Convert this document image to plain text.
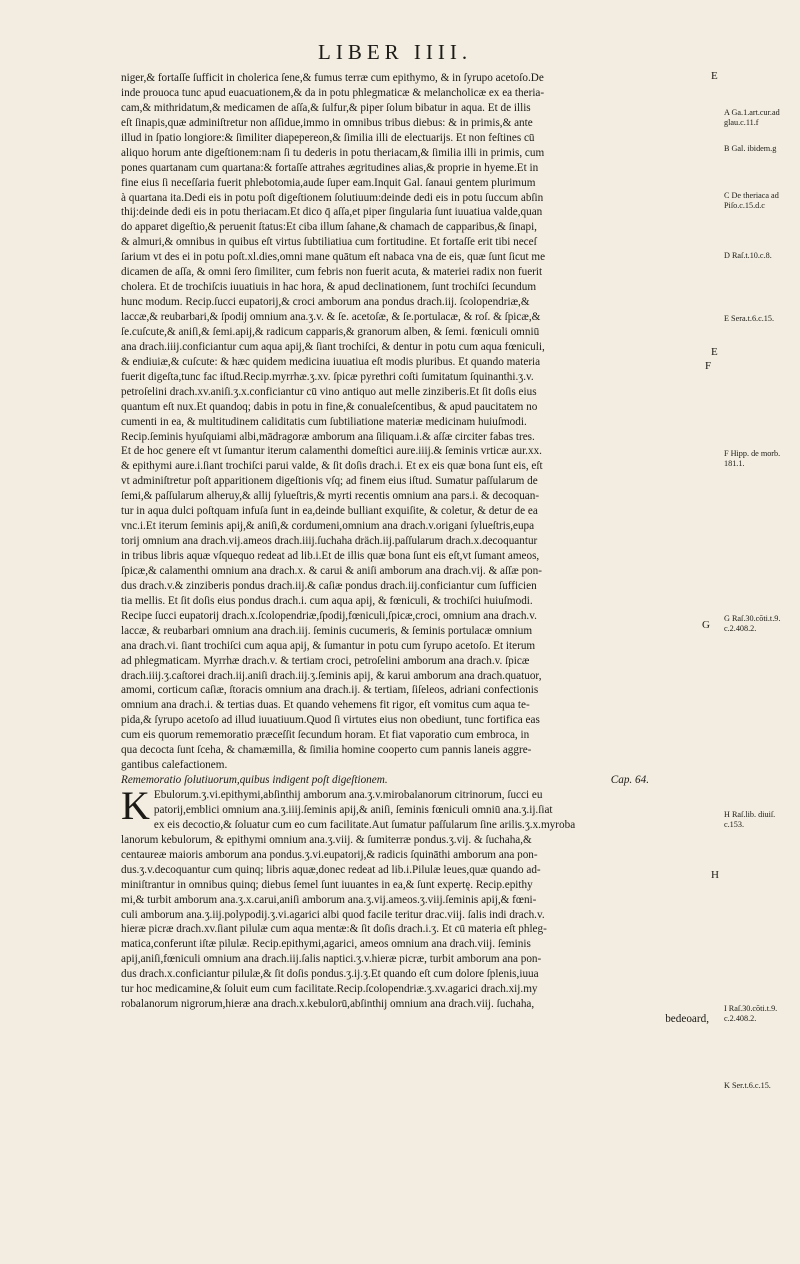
LIBER IIII.
niger,& fortaſſe ſufficit in cholerica ſene,& fumus terræ cum epithymo, & in ſyrupo acetoſo.De
inde prouoca tunc apud euacuationem,& da in potu phlegmaticæ & melancholicæ ex ea theria-
cam,& mithridatum,& medicamen de aſſa,& ſulfur,& piper ſolum bibatur in aqua. Et de illis
eſt ſinapis,quæ adminiſtretur non aſſidue,immo in omnibus tribus diebus: & in primis,& ante
illud in ſpatio longiore:& ſimiliter diapepereon,& ſimilia illi de electuarijs. Et non feſtines cū
aliquo horum ante digeſtionem:nam ſi tu dederis in potu theriacam,& ſimilia illi in primis, cum
pones quartanam cum quartana:& fortaſſe attrahes ægritudines alias,& proprie in hyeme.Et in
fine eius ſi neceſſaria fuerit phlebotomia,aude ſuper eam.Inquit Gal. ſanaui gentem plurimum
à quartana ita.Dedi eis in potu poſt digeſtionem ſolutiuum:deinde dedi eis in potu ſuccum abſin
thij:deinde dedi eis in potu theriacam.Et dico q̄ aſſa,et piper ſingularia ſunt iuuatiua valde,quan
do apparet digeſtio,& peruenit ſtatus:Et ciba illum ſahane,& chamach de capparibus,& ſinapi,
& almuri,& omnibus in quibus eſt virtus ſubtiliatiua cum fortitudine. Et fortaſſe erit tibi neceſ
ſarium vt des ei in potu poſt.xl.dies,omni mane quātum eſt nabaca vna de eis, quæ ſunt ſicut me
dicamen de aſſa, & omni ſero ſimiliter, cum febris non fuerit acuta, & materiei radix non fuerit
cholera. Et de trochiſcis iuuatiuis in hac hora, & apud declinationem, ſunt trochiſci ſecundum
hunc modum. Recip.ſucci eupatorij,& croci amborum ana pondus drach.iij. ſcolopendriæ,&
laccæ,& reubarbari,& ſpodij omnium ana.ʒ.v. & ſe. acetoſæ, & ſe.portulacæ, & roſ. & ſpicæ,&
ſe.cuſcute,& aniſi,& ſemi.apij,& radicum capparis,& granorum alben, & ſemi. fœniculi omniū
ana drach.iiij.conficiantur cum aqua apij,& ſiant trochiſci, & dentur in potu cum aqua fœniculi,
& endiuiæ,& cuſcute: & hæc quidem medicina iuuatiua eſt modis pluribus. Et quando materia
fuerit digeſta,tunc fac iſtud.Recip.myrrhæ.ʒ.xv. ſpicæ pyrethri coſti ſumitatum ſquinanthi.ʒ.v.
petroſelini drach.xv.aniſi.ʒ.x.conficiantur cū vino antiquo aut melle zinziberis.Et ſit doſis eius
quantum eſt nux.Et quandoq; dabis in potu in fine,& conualeſcentibus, & apud paucitatem no
cumenti in ea, & multitudinem caliditatis cum ſubtiliatione materiæ medicinam huiuſmodi.
Recip.ſeminis hyuſquiami albi,mādragoræ amborum ana ſiliquam.i.& aſſæ circiter fabas tres.
Et de hoc genere eſt vt ſumantur iterum calamenthi domeſtici aure.iiij.& ſeminis vrticæ aur.xx.
& epithymi aure.i.ſiant trochiſci parui valde, & ſit doſis drach.i. Et ex eis quæ bona ſunt eis, eſt
vt adminiſtretur poſt apparitionem digeſtionis vſq; ad finem eius iſtud. Sumatur paſſularum de
ſemi,& paſſularum alheruy,& allij ſylueſtris,& myrti recentis omnium ana pars.i. & decoquan-
tur in aqua dulci poſtquam infuſa ſunt in ea,deinde bulliant exquiſite, & coletur, & detur de ea
vnc.i.Et iterum ſeminis apij,& aniſi,& cordumeni,omnium ana drach.v.origani ſylueſtris,eupa
torij omnium ana drach.vij.ameos drach.iiij.ſuchaha dräch.iij.paſſularum drach.x.decoquantur
in tribus libris aquæ vſquequo redeat ad lib.i.Et de illis quæ bona ſunt eis eſt,vt ſumant ameos,
ſpicæ,& calamenthi omnium ana drach.x. & carui & aniſi amborum ana drach.vij. & aſſæ pon-
dus drach.v.& zinziberis pondus drach.iij.& caſiæ pondus drach.iij.conficiantur cum ſufficien
tia mellis. Et ſit doſis eius pondus drach.i. cum aqua apij, & fœniculi, & trochiſci huiuſmodi.
Recipe ſucci eupatorij drach.x.ſcolopendriæ,ſpodij,fœniculi,ſpicæ,croci, omnium ana drach.v.
laccæ, & reubarbari omnium ana drach.iij. ſeminis cucumeris, & ſeminis portulacæ omnium
ana drach.vi. ſiant trochiſci cum aqua apij, & ſumantur in potu cum ſyrupo acetoſo. Et iterum
ad phlegmaticam. Myrrhæ drach.v. & tertiam croci, petroſelini amborum ana drach.v. ſpicæ
drach.iiij.ʒ.caſtorei drach.iij.aniſi drach.iij.ʒ.ſeminis apij, & karui amborum ana drach.quatuor,
amomi, corticum caſiæ, ſtoracis omnium ana drach.ij. & tertiam, ſiſeleos, adriani confectionis
omnium ana drach.i. & tertias duas. Et quando vehemens fit rigor, eſt vomitus cum aqua te-
pida,& ſyrupo acetoſo ad illud iuuatiuum.Quod ſi virtutes eius non obediunt, tunc fortifica eas
cum eis quorum rememoratio præceſſit ſecundum horam. Et fiat vaporatio cum embroca, in
qua decocta ſunt ſceha, & chamæmilla, & ſimilia homine cooperto cum pannis laneis aggre-
gantibus calefactionem.
Cap. 64.
Rememoratio ſolutiuorum,quibus indigent poſt digeſtionem.
K Ebulorum.ʒ.vi.epithymi,abſinthij amborum ana.ʒ.v.mirobalanorum citrinorum, ſucci eu
patorij,emblici omnium ana.ʒ.iiij.ſeminis apij,& aniſi, ſeminis fœniculi omniū ana.ʒ.ij.ſiat
ex eis decoctio,& ſoluatur cum eo cum facilitate.Aut ſumatur paſſularum ſine arilis.ʒ.x.myroba
lanorum kebulorum, & epithymi omnium ana.ʒ.viij. & ſumiterræ pondus.ʒ.vij. & ſuchaha,&
centaureæ maioris amborum ana pondus.ʒ.vi.eupatorij,& radicis ſquināthi amborum ana pon-
dus.ʒ.v.decoquantur cum quinq; libris aquæ,donec redeat ad lib.i.Pilulæ leues,quæ quando ad-
miniſtrantur in omnibus quinq; diebus ſemel ſunt iuuantes in ea,& ſunt expertę. Recip.epithy
mi,& turbit amborum ana.ʒ.x.carui,aniſi amborum ana.ʒ.vij.ameos.ʒ.viij.ſeminis apij,& fœni-
culi amborum ana.ʒ.iij.polypodij.ʒ.vi.agarici albi quod facile teritur drac.viij. ſalis indi drach.v.
hieræ picræ drach.xv.ſiant pilulæ cum aqua mentæ:& ſit doſis drach.i.ʒ. Et cū materia eſt phleg-
matica,conferunt iſtæ pilulæ. Recip.epithymi,agarici, ameos omnium ana drach.viij. ſeminis
apij,aniſi,fœniculi omnium ana drach.iij.ſalis naptici.ʒ.v.hieræ picræ, turbit amborum ana pon-
dus drach.x.conficiantur pilulæ,& ſit doſis pondus.ʒ.ij.ʒ.Et quando eſt cum dolore ſplenis,iuua
tur hoc medicamine,& ſoluit eum cum facilitate.Recip.ſcolopendriæ.ʒ.xv.agarici drach.xij.my
robalanorum nigrorum,hieræ ana drach.x.kebulorū,abſinthij omnium ana drach.viij. ſuchaha,
bedeoard,
E
E
F
G
H
A Ga.1.art.cur.ad glau.c.11.f
B Gal. ibidem.g
C De theriaca ad Piſo.c.15.d.c
D Raſ.t.10.c.8.
E Sera.t.6.c.15.
F Hipp. de morb. 181.1.
G Raſ.30.cōti.t.9. c.2.408.2.
H Raſ.lib. diuiſ. c.153.
I Raſ.30.cōti.t.9. c.2.408.2.
K Ser.t.6.c.15.
